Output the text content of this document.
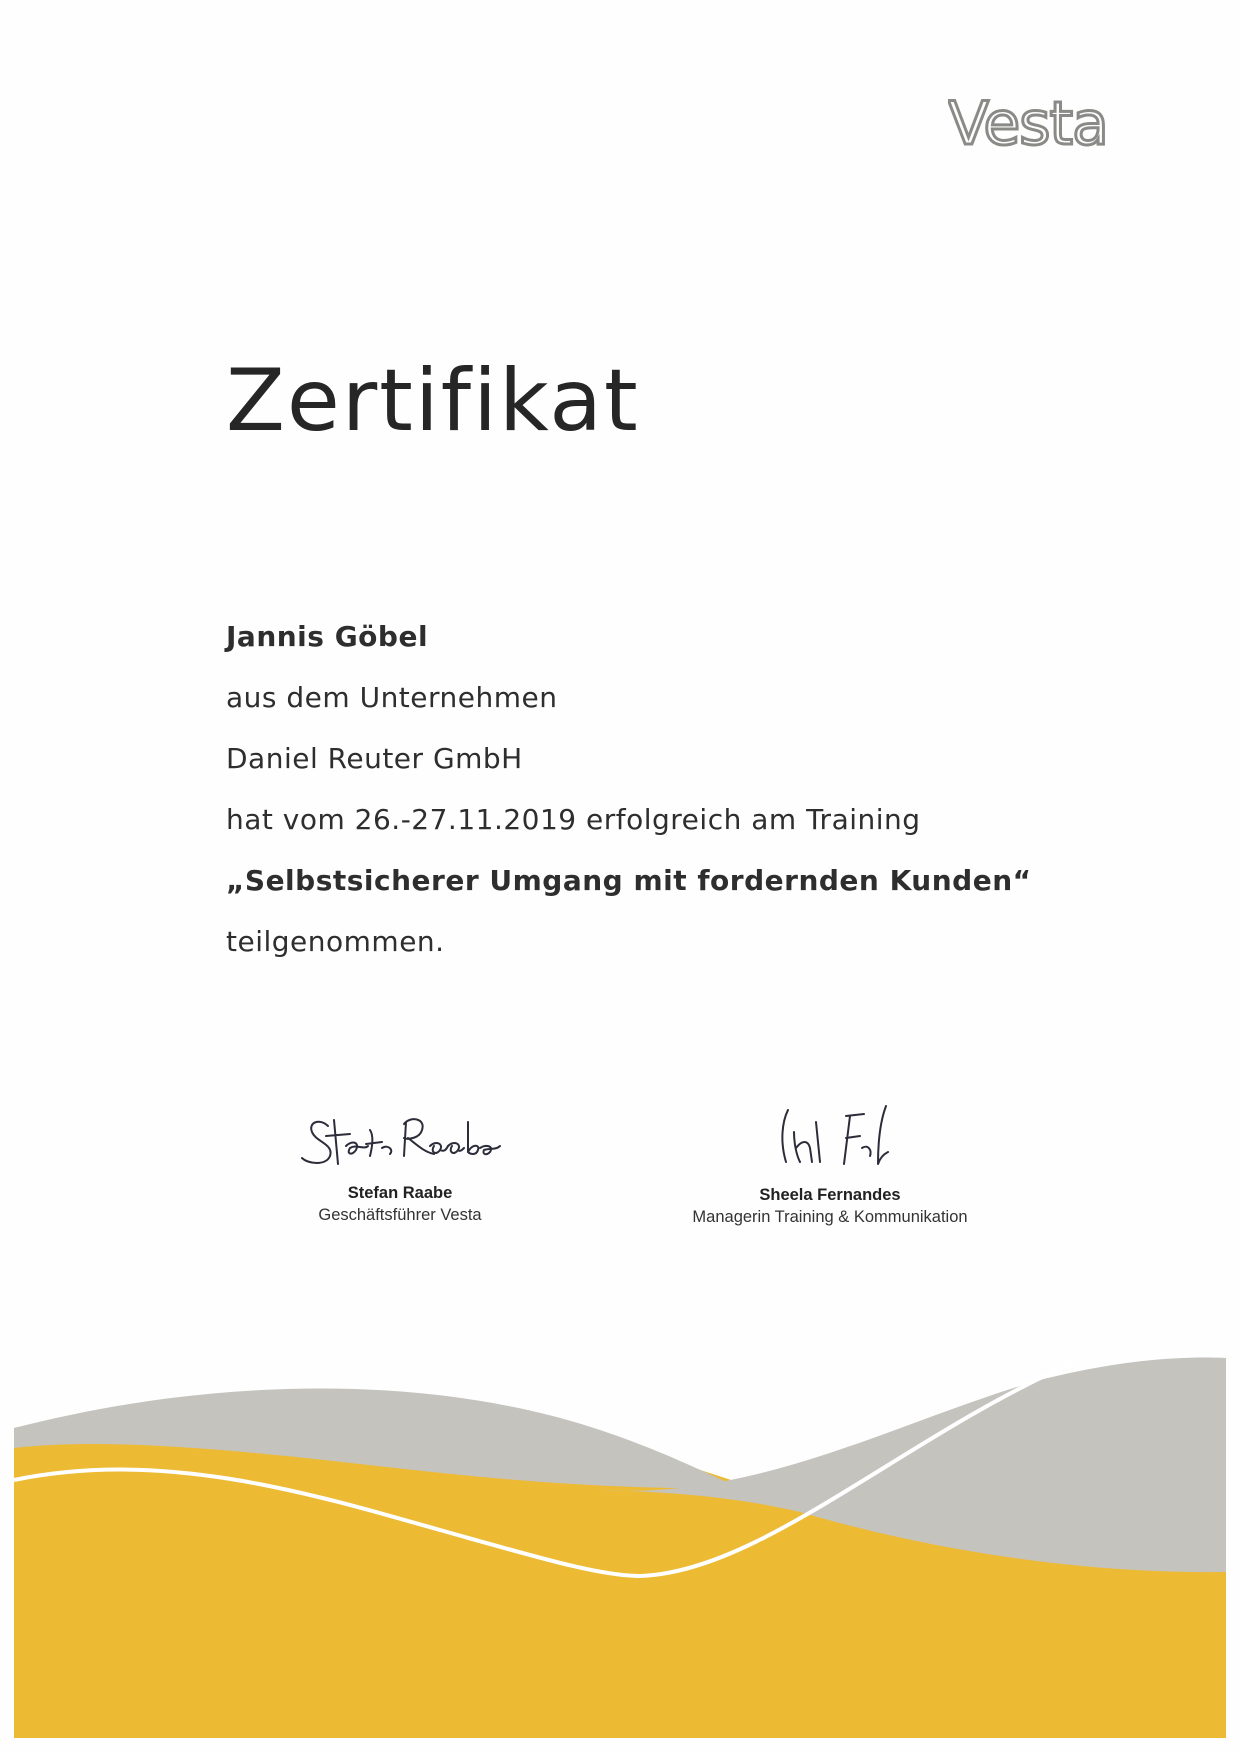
Vesta
Zertifikat
Jannis Göbel
aus dem Unternehmen
Daniel Reuter GmbH
hat vom 26.-27.11.2019 erfolgreich am Training
„Selbstsicherer Umgang mit fordernden Kunden“
teilgenommen.
Stefan Raabe
Geschäftsführer Vesta
Sheela Fernandes
Managerin Training & Kommunikation
